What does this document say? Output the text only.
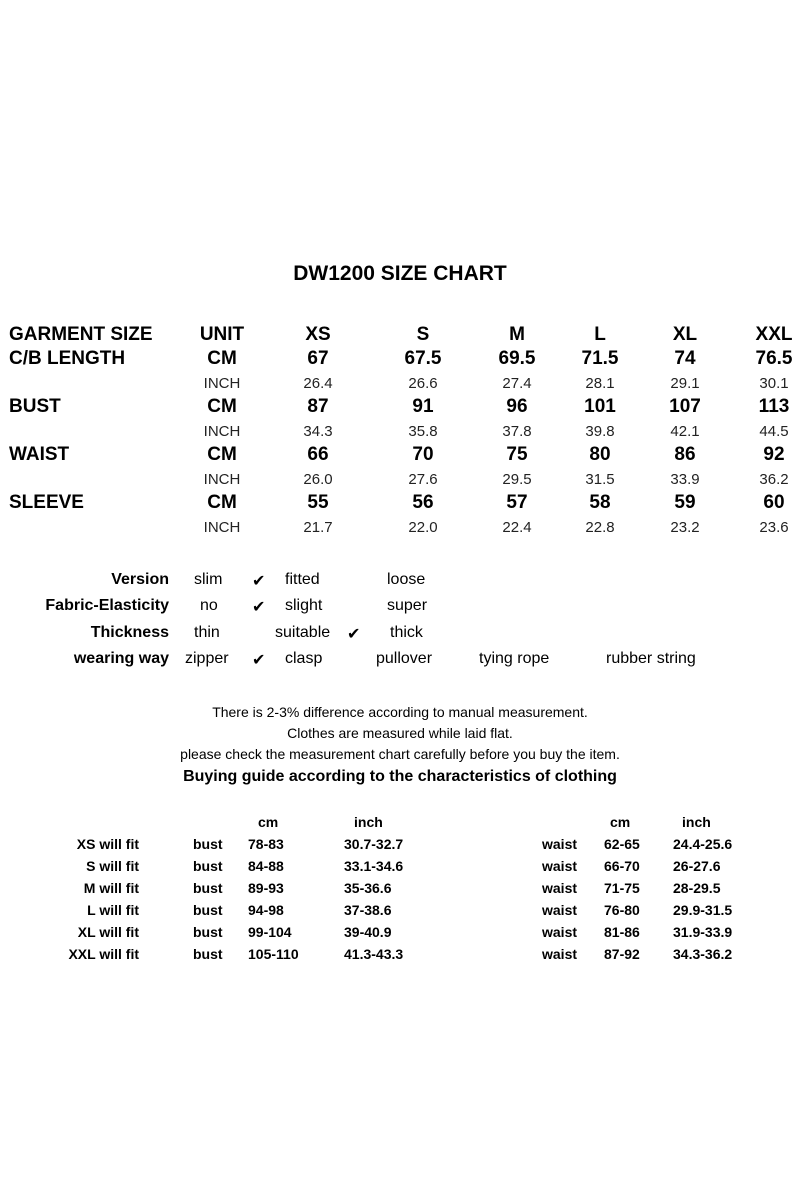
DW1200 SIZE CHART
GARMENT SIZE	UNIT	XS	S	M	L	XL	XXL
C/B LENGTH	CM	67	67.5	69.5	71.5	74	76.5
INCH	26.4	26.6	27.4	28.1	29.1	30.1
BUST	CM	87	91	96	101	107	113
INCH	34.3	35.8	37.8	39.8	42.1	44.5
WAIST	CM	66	70	75	80	86	92
INCH	26.0	27.6	29.5	31.5	33.9	36.2
SLEEVE	CM	55	56	57	58	59	60
INCH	21.7	22.0	22.4	22.8	23.2	23.6
Version slim ✔ fitted	loose
Fabric-Elasticity no ✔ slight	super
Thickness thin	suitable ✔ thick
wearing way zipper ✔ clasp	pullover	tying rope	rubber string
There is 2-3% difference according to manual measurement.
Clothes are measured while laid flat.
please check the measurement chart carefully before you buy the item.
Buying guide according to the characteristics of clothing
cm	inch	cm	inch
XS will fit	bust 78-83	30.7-32.7	waist 62-65 24.4-25.6
S will fit	bust 84-88	33.1-34.6	waist 66-70 26-27.6
M will fit	bust 89-93	35-36.6	waist 71-75 28-29.5
L will fit	bust 94-98	37-38.6	waist 76-80 29.9-31.5
XL will fit	bust 99-104	39-40.9	waist 81-86 31.9-33.9
XXL will fit	bust 105-110	41.3-43.3	waist 87-92 34.3-36.2
